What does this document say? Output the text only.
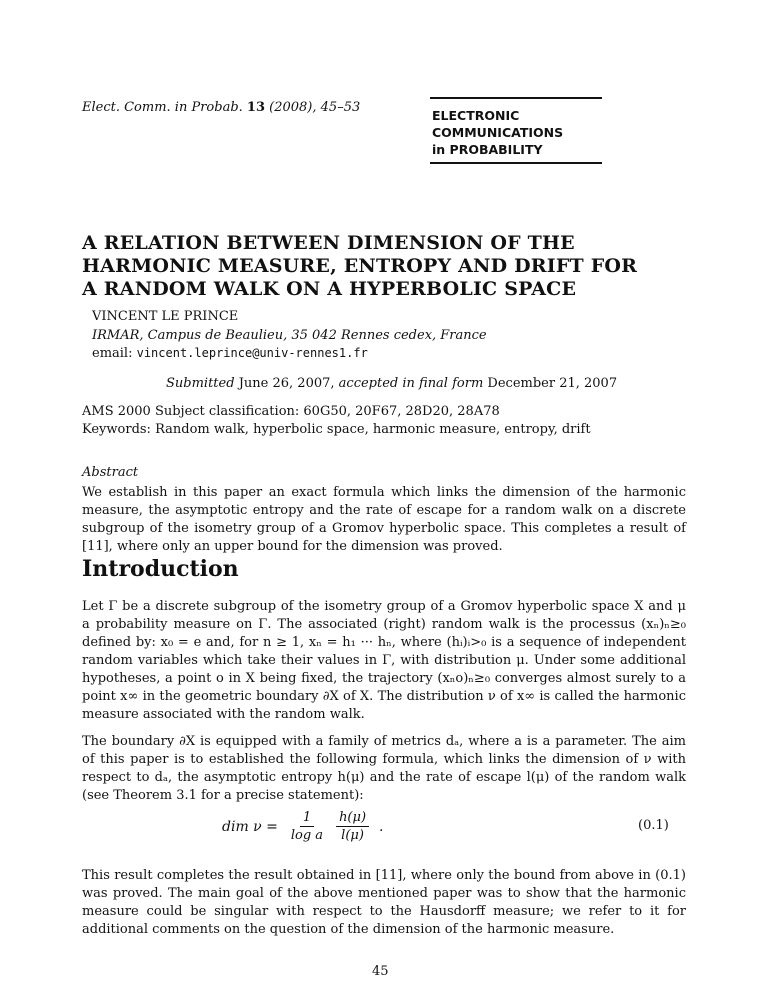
Elect. Comm. in Probab. 13 (2008), 45–53
ELECTRONIC
COMMUNICATIONS
in PROBABILITY
A RELATION BETWEEN DIMENSION OF THE
HARMONIC MEASURE, ENTROPY AND DRIFT FOR
A RANDOM WALK ON A HYPERBOLIC SPACE
VINCENT LE PRINCE
IRMAR, Campus de Beaulieu, 35 042 Rennes cedex, France
email: vincent.leprince@univ-rennes1.fr
Submitted June 26, 2007, accepted in final form December 21, 2007
AMS 2000 Subject classification: 60G50, 20F67, 28D20, 28A78
Keywords: Random walk, hyperbolic space, harmonic measure, entropy, drift
Abstract
We establish in this paper an exact formula which links the dimension of the harmonic measure, the asymptotic entropy and the rate of escape for a random walk on a discrete subgroup of the isometry group of a Gromov hyperbolic space. This completes a result of [11], where only an upper bound for the dimension was proved.
Introduction
Let Γ be a discrete subgroup of the isometry group of a Gromov hyperbolic space X and μ a probability measure on Γ. The associated (right) random walk is the processus (xₙ)ₙ≥₀ defined by: x₀ = e and, for n ≥ 1, xₙ = h₁ ··· hₙ, where (hᵢ)ᵢ>₀ is a sequence of independent random variables which take their values in Γ, with distribution μ. Under some additional hypotheses, a point o in X being fixed, the trajectory (xₙo)ₙ≥₀ converges almost surely to a point x∞ in the geometric boundary ∂X of X. The distribution ν of x∞ is called the harmonic measure associated with the random walk.
The boundary ∂X is equipped with a family of metrics dₐ, where a is a parameter. The aim of this paper is to established the following formula, which links the dimension of ν with respect to dₐ, the asymptotic entropy h(μ) and the rate of escape l(μ) of the random walk (see Theorem 3.1 for a precise statement):
dim $\nu = \frac{1}{\text{log a}} \frac{h(\mu)}{l(\mu)}$ .	(0.1)
This result completes the result obtained in [11], where only the bound from above in (0.1) was proved. The main goal of the above mentioned paper was to show that the harmonic measure could be singular with respect to the Hausdorff measure; we refer to it for additional comments on the question of the dimension of the harmonic measure.
45
